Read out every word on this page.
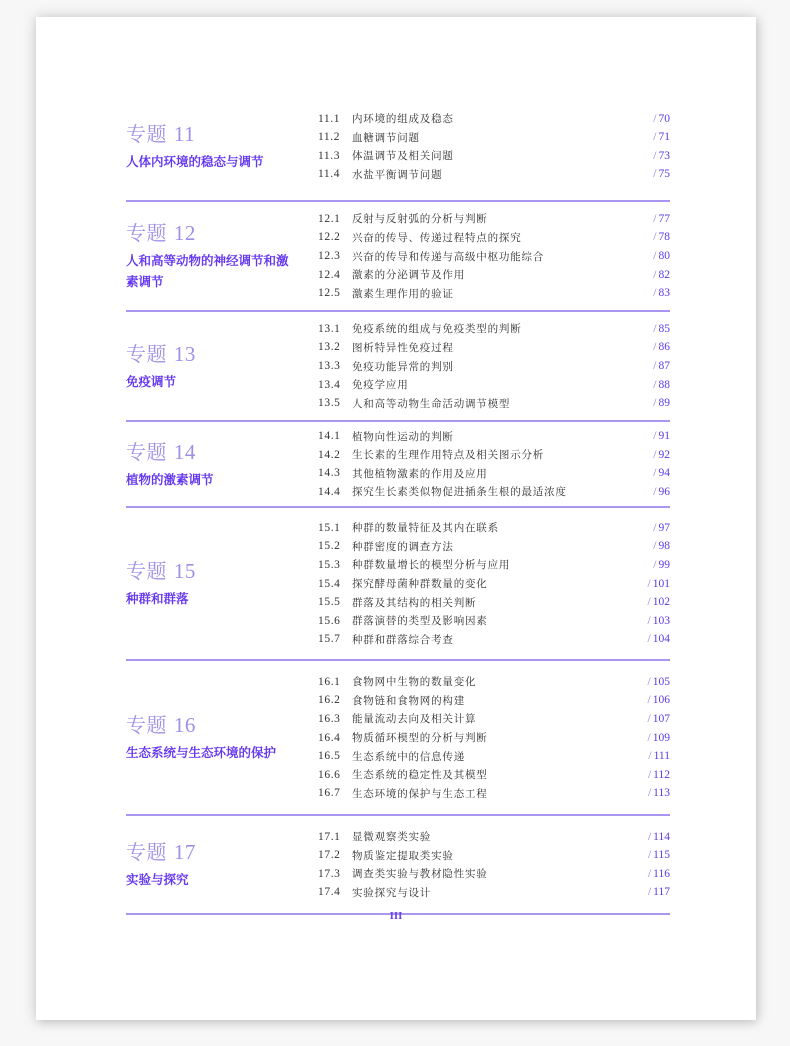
专题 11
人体内环境的稳态与调节
11.1	内环境的组成及稳态	/ 70
11.2	血糖调节问题	/ 71
11.3	体温调节及相关问题	/ 73
11.4	水盐平衡调节问题	/ 75
专题 12
人和高等动物的神经调节和激素调节
12.1	反射与反射弧的分析与判断	/ 77
12.2	兴奋的传导、传递过程特点的探究	/ 78
12.3	兴奋的传导和传递与高级中枢功能综合	/ 80
12.4	激素的分泌调节及作用	/ 82
12.5	激素生理作用的验证	/ 83
专题 13
免疫调节
13.1	免疫系统的组成与免疫类型的判断	/ 85
13.2	图析特异性免疫过程	/ 86
13.3	免疫功能异常的判别	/ 87
13.4	免疫学应用	/ 88
13.5	人和高等动物生命活动调节模型	/ 89
专题 14
植物的激素调节
14.1	植物向性运动的判断	/ 91
14.2	生长素的生理作用特点及相关图示分析	/ 92
14.3	其他植物激素的作用及应用	/ 94
14.4	探究生长素类似物促进插条生根的最适浓度	/ 96
专题 15
种群和群落
15.1	种群的数量特征及其内在联系	/ 97
15.2	种群密度的调查方法	/ 98
15.3	种群数量增长的模型分析与应用	/ 99
15.4	探究酵母菌种群数量的变化	/ 101
15.5	群落及其结构的相关判断	/ 102
15.6	群落演替的类型及影响因素	/ 103
15.7	种群和群落综合考查	/ 104
专题 16
生态系统与生态环境的保护
16.1	食物网中生物的数量变化	/ 105
16.2	食物链和食物网的构建	/ 106
16.3	能量流动去向及相关计算	/ 107
16.4	物质循环模型的分析与判断	/ 109
16.5	生态系统中的信息传递	/ 111
16.6	生态系统的稳定性及其模型	/ 112
16.7	生态环境的保护与生态工程	/ 113
专题 17
实验与探究
17.1	显微观察类实验	/ 114
17.2	物质鉴定提取类实验	/ 115
17.3	调查类实验与教材隐性实验	/ 116
17.4	实验探究与设计	/ 117
III
